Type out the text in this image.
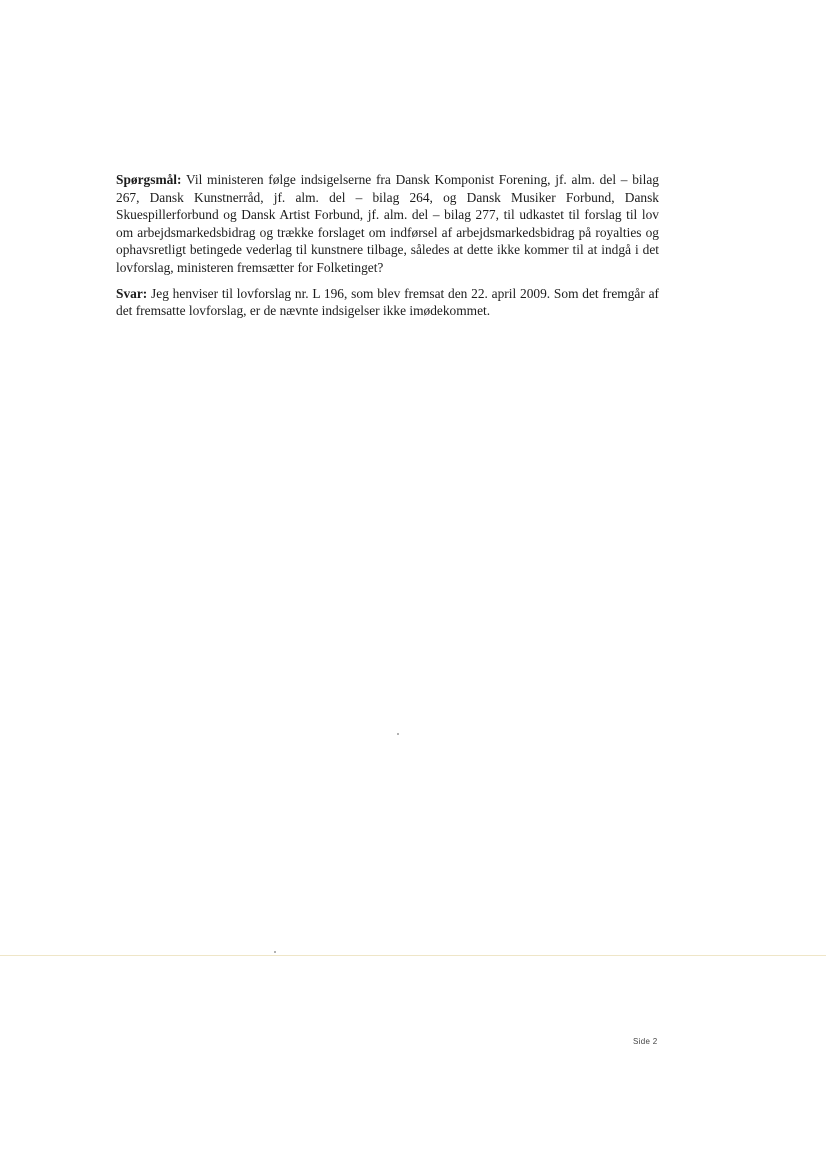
Spørgsmål: Vil ministeren følge indsigelserne fra Dansk Komponist Forening, jf. alm. del – bilag 267, Dansk Kunstnerråd, jf. alm. del – bilag 264, og Dansk Musiker Forbund, Dansk Skuespillerforbund og Dansk Artist Forbund, jf. alm. del – bilag 277, til udkastet til forslag til lov om arbejdsmarkedsbidrag og trække forslaget om indførsel af arbejdsmarkedsbidrag på royalties og ophavsretligt betingede vederlag til kunstnere tilbage, således at dette ikke kommer til at indgå i det lovforslag, ministeren fremsætter for Folketinget?

Svar: Jeg henviser til lovforslag nr. L 196, som blev fremsat den 22. april 2009. Som det fremgår af det fremsatte lovforslag, er de nævnte indsigelser ikke imødekommet.

Side 2
